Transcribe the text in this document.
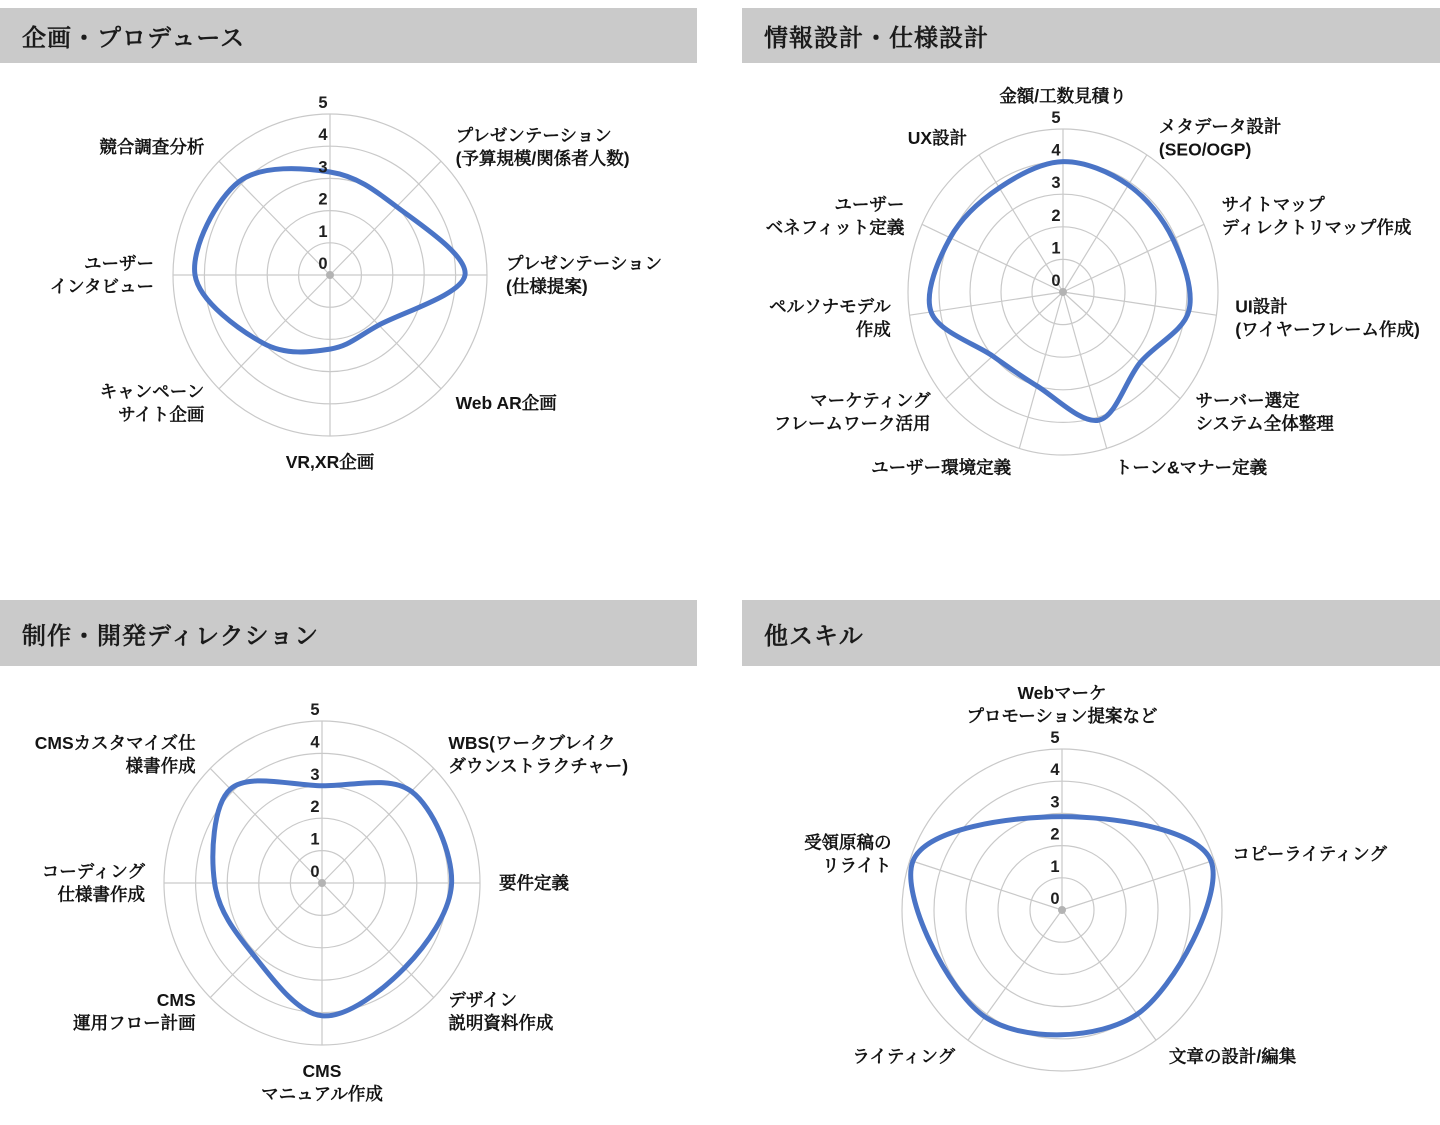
企画・プロデュース	情報設計・仕様設計
制作・開発ディレクション	他スキル
0
1
2
3
4
5
プレゼンテーション(予算規模/関係者人数)
プレゼンテーション(仕様提案)
Web AR企画
VR,XR企画
キャンペーンサイト企画
ユーザーインタビュー
競合調査分析
0
1
2
3
4
5
金額/工数見積り
メタデータ設計(SEO/OGP)
サイトマップディレクトリマップ作成
UI設計(ワイヤーフレーム作成)
サーバー選定システム全体整理
トーン&マナー定義
ユーザー環境定義
マーケティングフレームワーク活用
ペルソナモデル作成
ユーザーベネフィット定義
UX設計
0
1
2
3
4
5
WBS(ワークブレイクダウンストラクチャー)
要件定義
デザイン説明資料作成
CMS マニュアル作成
CMS 運用フロー計画
コーディング仕様書作成
CMSカスタマイズ仕様書作成
0
1
2
3
4
5
Webマーケプロモーション提案など
コピーライティング
文章の設計/編集
ライティング
受領原稿のリライト
